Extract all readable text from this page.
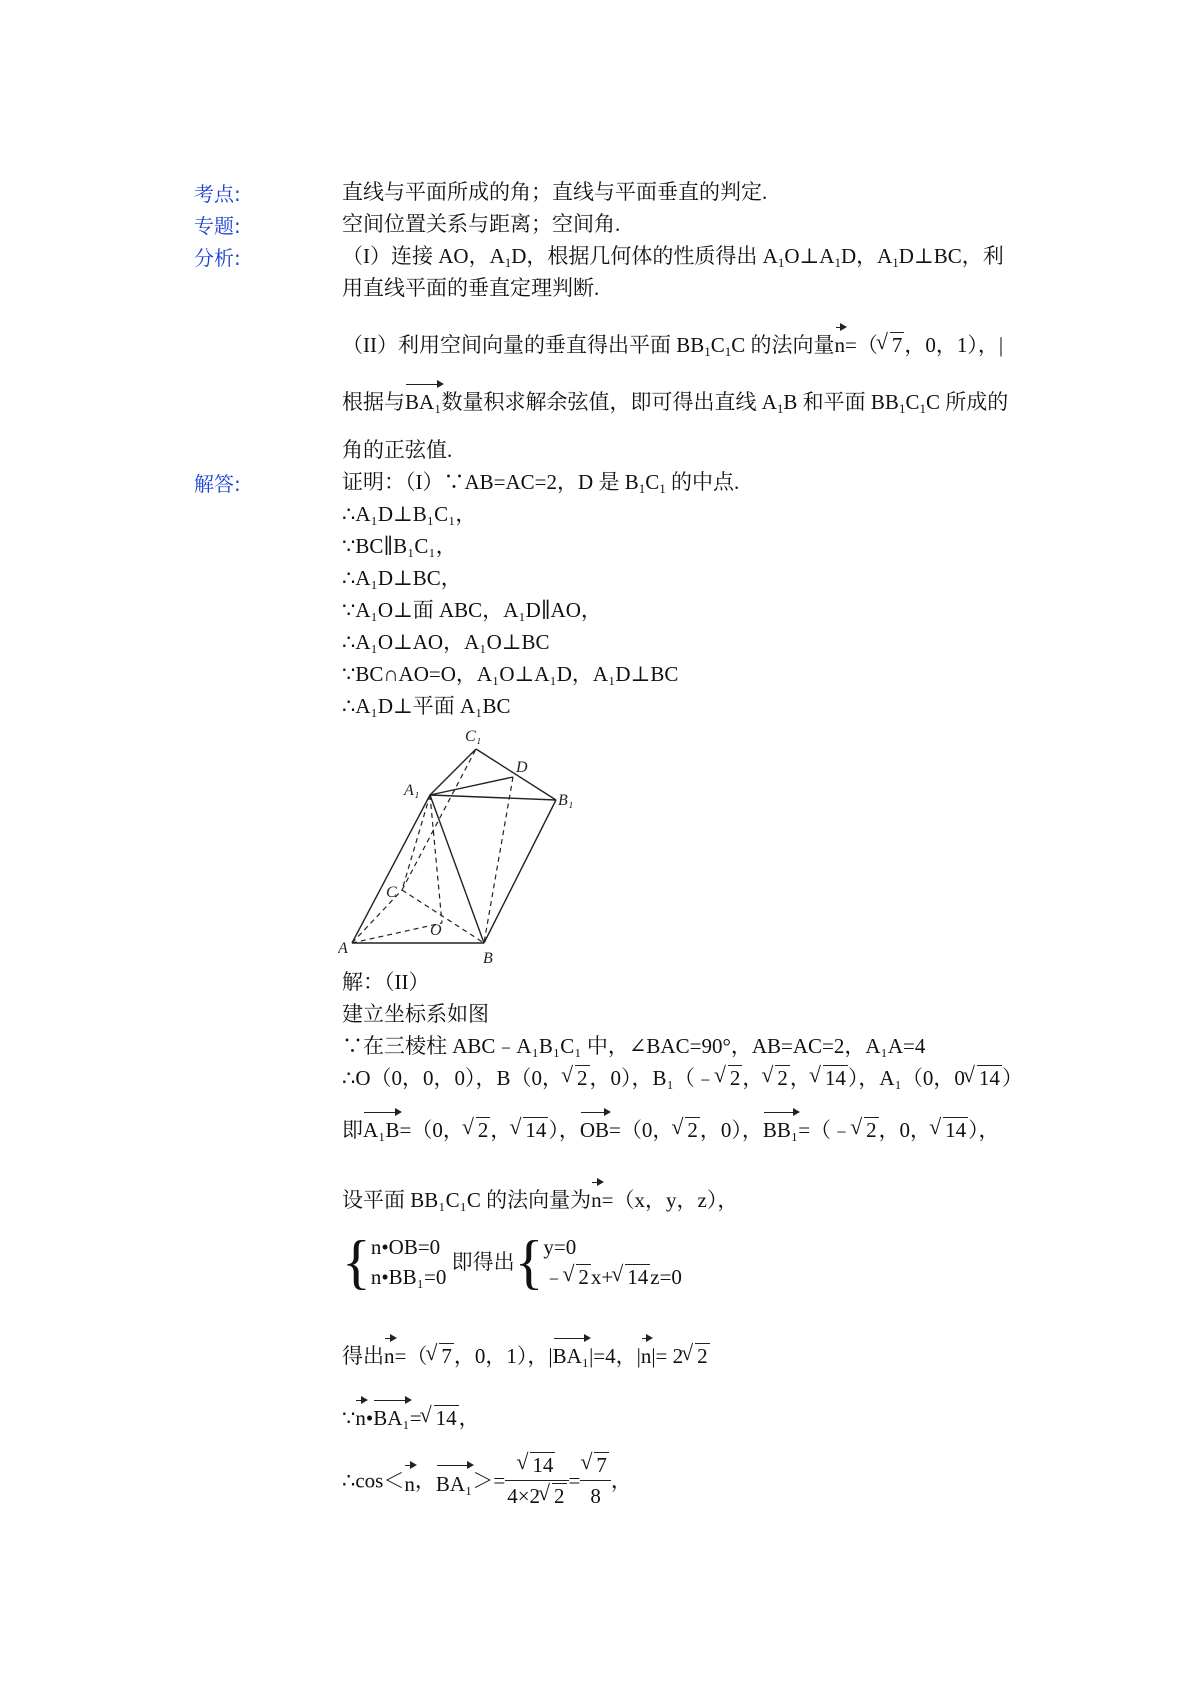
考点:	直线与平面所成的角；直线与平面垂直的判定.
专题:	空间位置关系与距离；空间角.
分析:	（I）连接 AO，$A_1D$，根据几何体的性质得出 $A_1O\perp A_1D$，$A_1D\perp BC$，利
用直线平面的垂直定理判断.
（II）利用空间向量的垂直得出平面 $BB_1C_1C$ 的法向量n=（ √ 7，0，1），|
根据与BA₁数量积求解余弦值，即可得出直线 $A_1B$ 和平面 $BB_1C_1C$ 所成的
角的正弦值.
解答:	证明：（I）∵AB=AC=2，D 是 $B_1C_1$ 的中点.
∴A₁D⊥B₁C₁，
∵BC∥B₁C₁，
∴A₁D⊥BC，
∵A₁O⊥面 ABC，A₁D∥AO，
∴A₁O⊥AO，A₁O⊥BC
∵BC∩AO=O，A₁O⊥A₁D，A₁D⊥BC
∴A₁D⊥平面 A₁BC
C₁
D
A₁
B₁
C
O
A
B
解：（II）
建立坐标系如图
∵在三棱柱 ABC﹣A₁B₁C₁ 中，∠BAC=90°，AB=AC=2，A₁A=4
∴O（0，0，0），B（0， √ 2，0），B₁（﹣ √ 2， √ 2， √ 14），A₁（0，0 √ 14）
即A₁B=（0， √ 2， √ 14），OB=（0， √ 2，0），BB₁=（﹣ √ 2，0， √ 14），
设平面 BB₁C₁C 的法向量为n=（x，y，z），
{n•OB=0
n•BB₁=0 即得出{y=0
﹣ √ 2x+ √ 14z=0
得出n=（ √ 7，0，1），|BA₁|=4，|n|= 2 √ 2
∵n•BA₁= √ 14，
∴cos＜n，BA₁＞= √ $\frac{14}{4\times 2 √ 2}$ = √ $\frac{7}{8}$ ，
